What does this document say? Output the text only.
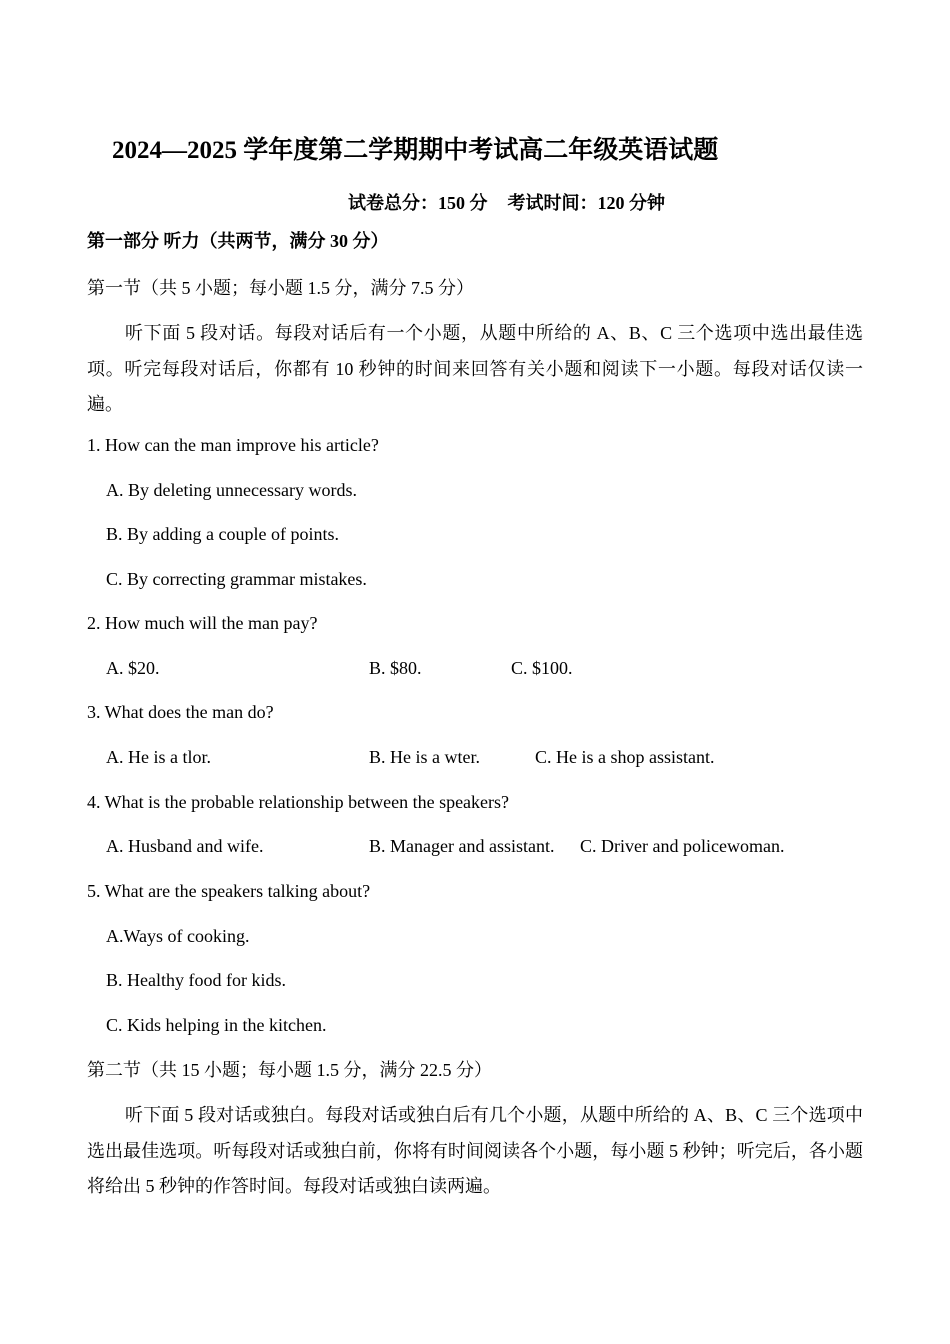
2024—2025 学年度第二学期期中考试高二年级英语试题
试卷总分：150 分 考试时间：120 分钟
第一部分 听力（共两节，满分 30 分）
第一节（共 5 小题；每小题 1.5 分，满分 7.5 分）
听下面 5 段对话。每段对话后有一个小题，从题中所给的 A、B、C 三个选项中选出最佳选项。听完每段对话后，你都有 10 秒钟的时间来回答有关小题和阅读下一小题。每段对话仅读一遍。
1. How can the man improve his article?
A. By deleting unnecessary words.
B. By adding a couple of points.
C. By correcting grammar mistakes.
2. How much will the man pay?
A. $20.	B. $80.	C. $100.
3. What does the man do?
A. He is a tlor.	B. He is a wter.	C. He is a shop assistant.
4. What is the probable relationship between the speakers?
A. Husband and wife.	B. Manager and assistant. C. Driver and policewoman.
5. What are the speakers talking about?
A.Ways of cooking.
B. Healthy food for kids.
C. Kids helping in the kitchen.
第二节（共 15 小题；每小题 1.5 分，满分 22.5 分）
听下面 5 段对话或独白。每段对话或独白后有几个小题，从题中所给的 A、B、C 三个选项中选出最佳选项。听每段对话或独白前，你将有时间阅读各个小题，每小题 5 秒钟；听完后，各小题将给出 5 秒钟的作答时间。每段对话或独白读两遍。
